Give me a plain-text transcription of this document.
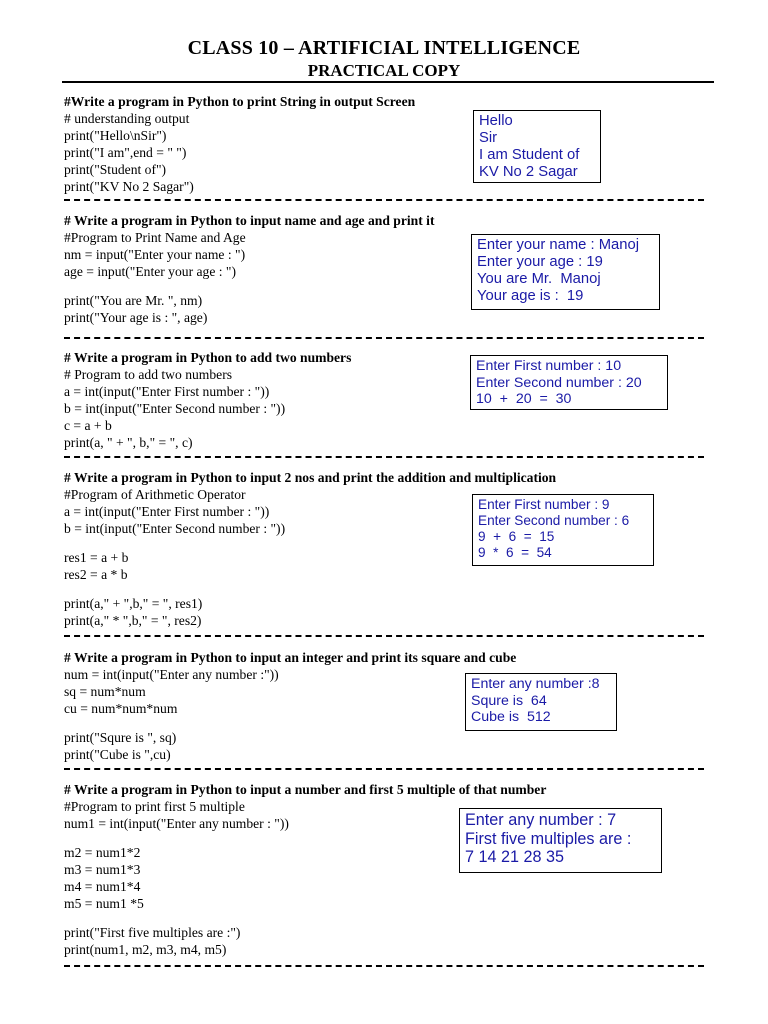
CLASS 10 – ARTIFICIAL INTELLIGENCE
PRACTICAL COPY
#Write a program in Python to print String in output Screen
# understanding output
print("Hello\nSir")
print("I am",end = " ")
print("Student of")
print("KV No 2 Sagar")
Hello
Sir
I am Student of
KV No 2 Sagar
# Write a program in Python to input name and age and print it
#Program to Print Name and Age
nm = input("Enter your name : ")
age = input("Enter your age : ")
print("You are Mr. ", nm)
print("Your age is : ", age)
Enter your name : Manoj
Enter your age : 19
You are Mr.  Manoj
Your age is :  19
# Write a program in Python to add two numbers
# Program to add two numbers
a = int(input("Enter First number : "))
b = int(input("Enter Second number : "))
c = a + b
print(a, " + ", b," = ", c)
Enter First number : 10
Enter Second number : 20
10  +  20  =  30
# Write a program in Python to input 2 nos and print the addition and multiplication
#Program of Arithmetic Operator
a = int(input("Enter First number : "))
b = int(input("Enter Second number : "))
res1 = a + b
res2 = a * b
print(a," + ",b," = ", res1)
print(a," * ",b," = ", res2)
Enter First number : 9
Enter Second number : 6
9  +  6  =  15
9  *  6  =  54
# Write a program in Python to input an integer and print its square and cube
num = int(input("Enter any number :"))
sq = num*num
cu = num*num*num
print("Squre is ", sq)
print("Cube is ",cu)
Enter any number :8
Squre is  64
Cube is  512
# Write a program in Python to input a number and first 5 multiple of that number
#Program to print first 5 multiple
num1 = int(input("Enter any number : "))
m2 = num1*2
m3 = num1*3
m4 = num1*4
m5 = num1 *5
print("First five multiples are :")
print(num1, m2, m3, m4, m5)
Enter any number : 7
First five multiples are :
7 14 21 28 35
